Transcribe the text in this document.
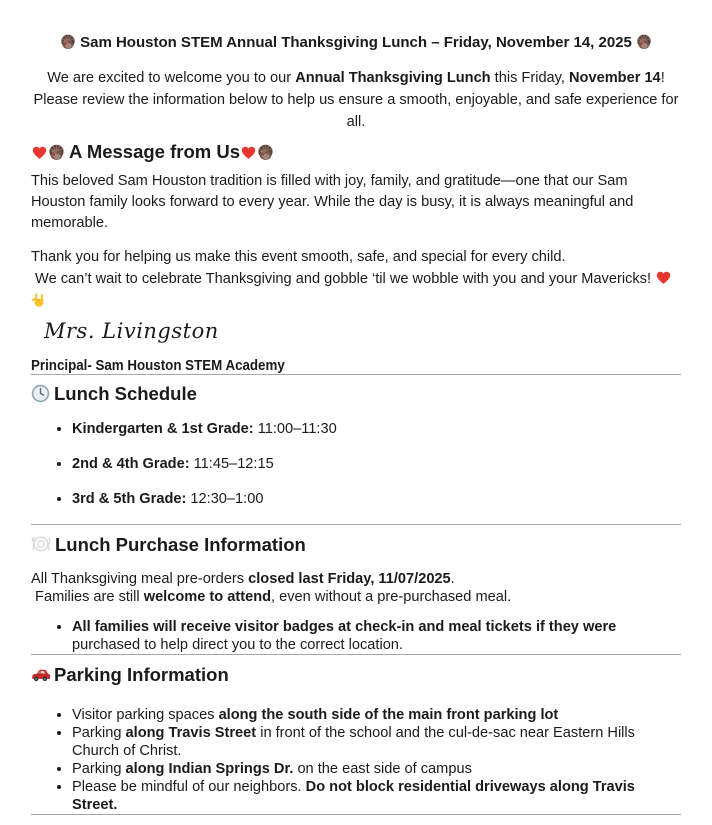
Sam Houston STEM Annual Thanksgiving Lunch – Friday, November 14, 2025
We are excited to welcome you to our Annual Thanksgiving Lunch this Friday, November 14! Please review the information below to help us ensure a smooth, enjoyable, and safe experience for all.
A Message from Us
This beloved Sam Houston tradition is filled with joy, family, and gratitude—one that our Sam Houston family looks forward to every year. While the day is busy, it is always meaningful and memorable.
Thank you for helping us make this event smooth, safe, and special for every child.
We can’t wait to celebrate Thanksgiving and gobble ‘til we wobble with you and your Mavericks!
Mrs. Livingston
Principal- Sam Houston STEM Academy
Lunch Schedule
• Kindergarten & 1st Grade: 11:00–11:30
• 2nd & 4th Grade: 11:45–12:15
• 3rd & 5th Grade: 12:30–1:00
Lunch Purchase Information
All Thanksgiving meal pre-orders closed last Friday, 11/07/2025.
Families are still welcome to attend, even without a pre-purchased meal.
• All families will receive visitor badges at check-in and meal tickets if they were purchased to help direct you to the correct location.
Parking Information
• Visitor parking spaces along the south side of the main front parking lot
• Parking along Travis Street in front of the school and the cul-de-sac near Eastern Hills Church of Christ.
• Parking along Indian Springs Dr. on the east side of campus
• Please be mindful of our neighbors. Do not block residential driveways along Travis Street.
